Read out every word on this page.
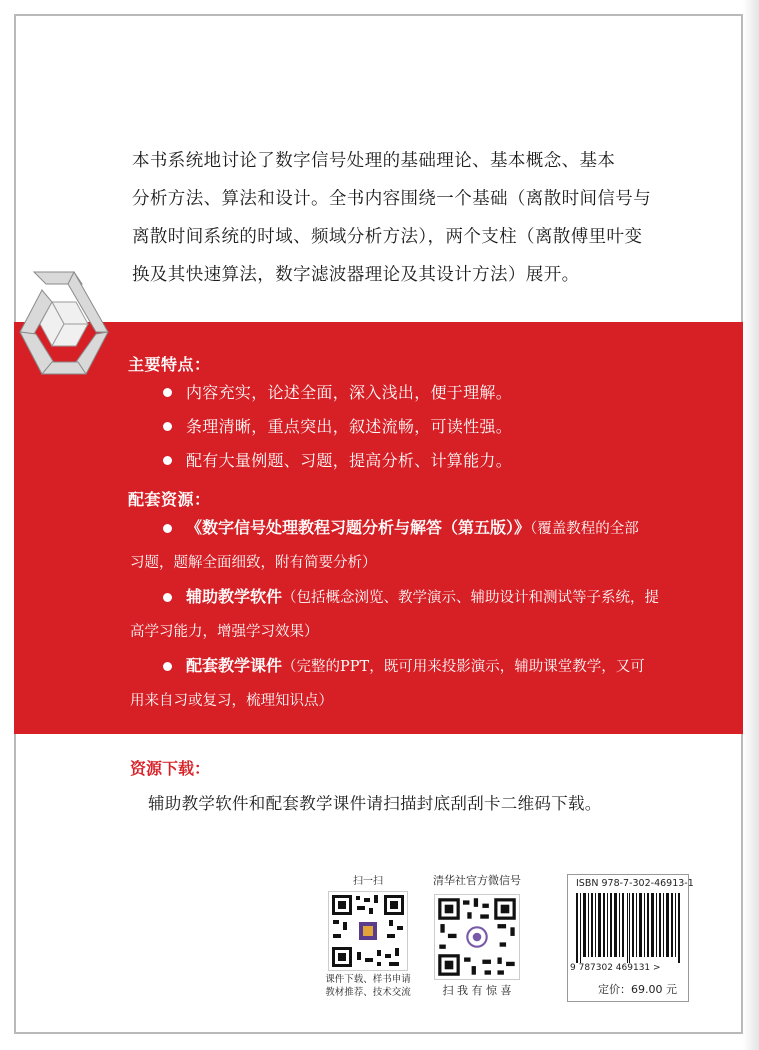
本书系统地讨论了数字信号处理的基础理论、基本概念、基本
分析方法、算法和设计。全书内容围绕一个基础（离散时间信号与
离散时间系统的时域、频域分析方法），两个支柱（离散傅里叶变
换及其快速算法，数字滤波器理论及其设计方法）展开。
主要特点：
内容充实，论述全面，深入浅出，便于理解。
条理清晰，重点突出，叙述流畅，可读性强。
配有大量例题、习题，提高分析、计算能力。
配套资源：
《数字信号处理教程习题分析与解答（第五版）》（覆盖教程的全部
习题，题解全面细致，附有简要分析）
辅助教学软件（包括概念浏览、教学演示、辅助设计和测试等子系统，提
高学习能力，增强学习效果）
配套教学课件（完整的PPT，既可用来投影演示，辅助课堂教学，又可
用来自习或复习，梳理知识点）
资源下载：
辅助教学软件和配套教学课件请扫描封底刮刮卡二维码下载。
扫一扫
课件下载、样书申请
教材推荐、技术交流
清华社官方微信号
扫 我 有 惊 喜
ISBN 978-7-302-46913-1
9 787302 469131 >
定价：69.00 元
